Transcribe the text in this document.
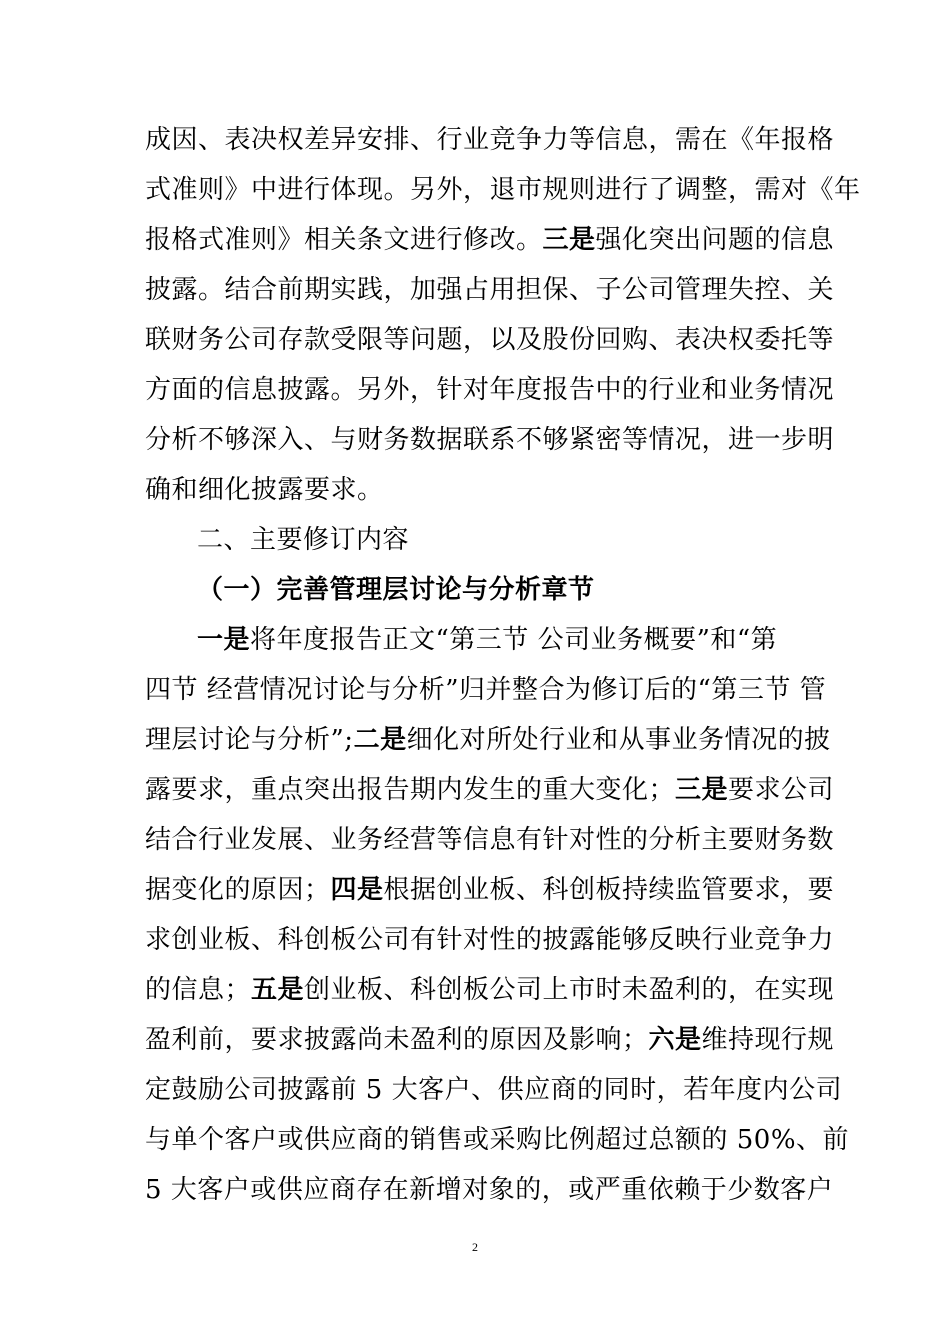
成因、表决权差异安排、行业竞争力等信息，需在《年报格
式准则》中进行体现。另外，退市规则进行了调整，需对《年
报格式准则》相关条文进行修改。三是强化突出问题的信息
披露。结合前期实践，加强占用担保、子公司管理失控、关
联财务公司存款受限等问题，以及股份回购、表决权委托等
方面的信息披露。另外，针对年度报告中的行业和业务情况
分析不够深入、与财务数据联系不够紧密等情况，进一步明
确和细化披露要求。
二、主要修订内容
（一）完善管理层讨论与分析章节
一是将年度报告正文“第三节 公司业务概要”和“第
四节 经营情况讨论与分析”归并整合为修订后的“第三节 管
理层讨论与分析”;二是细化对所处行业和从事业务情况的披
露要求，重点突出报告期内发生的重大变化；三是要求公司
结合行业发展、业务经营等信息有针对性的分析主要财务数
据变化的原因；四是根据创业板、科创板持续监管要求，要
求创业板、科创板公司有针对性的披露能够反映行业竞争力
的信息；五是创业板、科创板公司上市时未盈利的，在实现
盈利前，要求披露尚未盈利的原因及影响；六是维持现行规
定鼓励公司披露前 5 大客户、供应商的同时，若年度内公司
与单个客户或供应商的销售或采购比例超过总额的 50%、前
5 大客户或供应商存在新增对象的，或严重依赖于少数客户
2
